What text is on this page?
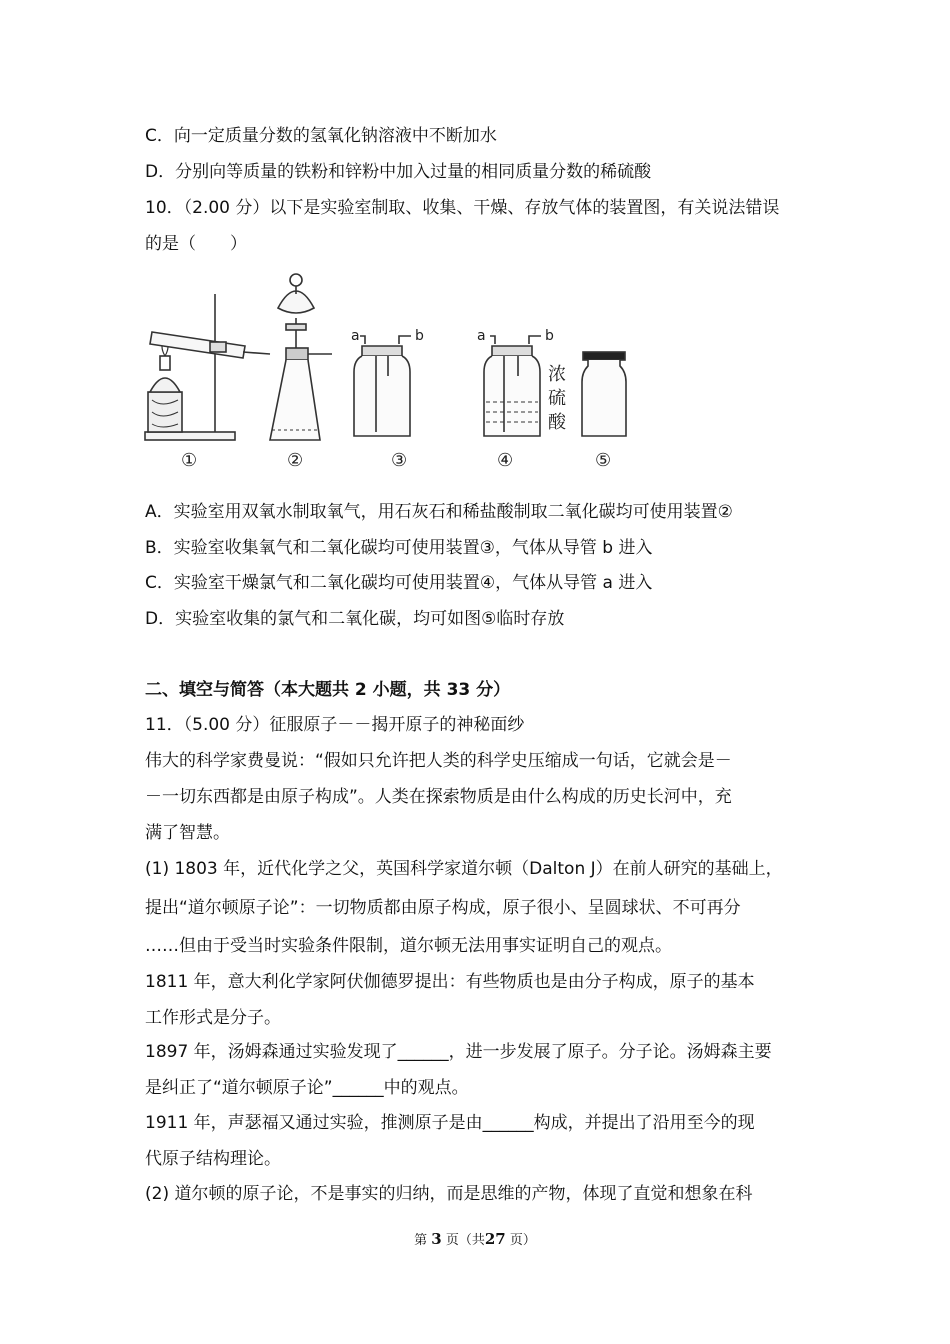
C．向一定质量分数的氢氧化钠溶液中不断加水
D．分别向等质量的铁粉和锌粉中加入过量的相同质量分数的稀硫酸
10．（2.00 分）以下是实验室制取、收集、干燥、存放气体的装置图，有关说法错误
的是（　　）
a	b	a	b
浓
硫
酸
①	②	③	④	⑤
A．实验室用双氧水制取氧气，用石灰石和稀盐酸制取二氧化碳均可使用装置②
B．实验室收集氧气和二氧化碳均可使用装置③，气体从导管 b 进入
C．实验室干燥氯气和二氧化碳均可使用装置④，气体从导管 a 进入
D．实验室收集的氯气和二氧化碳，均可如图⑤临时存放
二、填空与简答（本大题共 2 小题，共 33 分）
11．（5.00 分）征服原子－－揭开原子的神秘面纱
伟大的科学家费曼说：“假如只允许把人类的科学史压缩成一句话，它就会是－
－一切东西都是由原子构成”。人类在探索物质是由什么构成的历史长河中，充
满了智慧。
(1) 1803 年，近代化学之父，英国科学家道尔顿（Dalton J）在前人研究的基础上，
提出“道尔顿原子论”：一切物质都由原子构成，原子很小、呈圆球状、不可再分
……但由于受当时实验条件限制，道尔顿无法用事实证明自己的观点。
1811 年，意大利化学家阿伏伽德罗提出：有些物质也是由分子构成，原子的基本
工作形式是分子。
1897 年，汤姆森通过实验发现了______，进一步发展了原子。分子论。汤姆森主要
是纠正了“道尔顿原子论”______中的观点。
1911 年，声瑟福又通过实验，推测原子是由______构成，并提出了沿用至今的现
代原子结构理论。
(2) 道尔顿的原子论，不是事实的归纳，而是思维的产物，体现了直觉和想象在科
第 3 页（共27 页）
